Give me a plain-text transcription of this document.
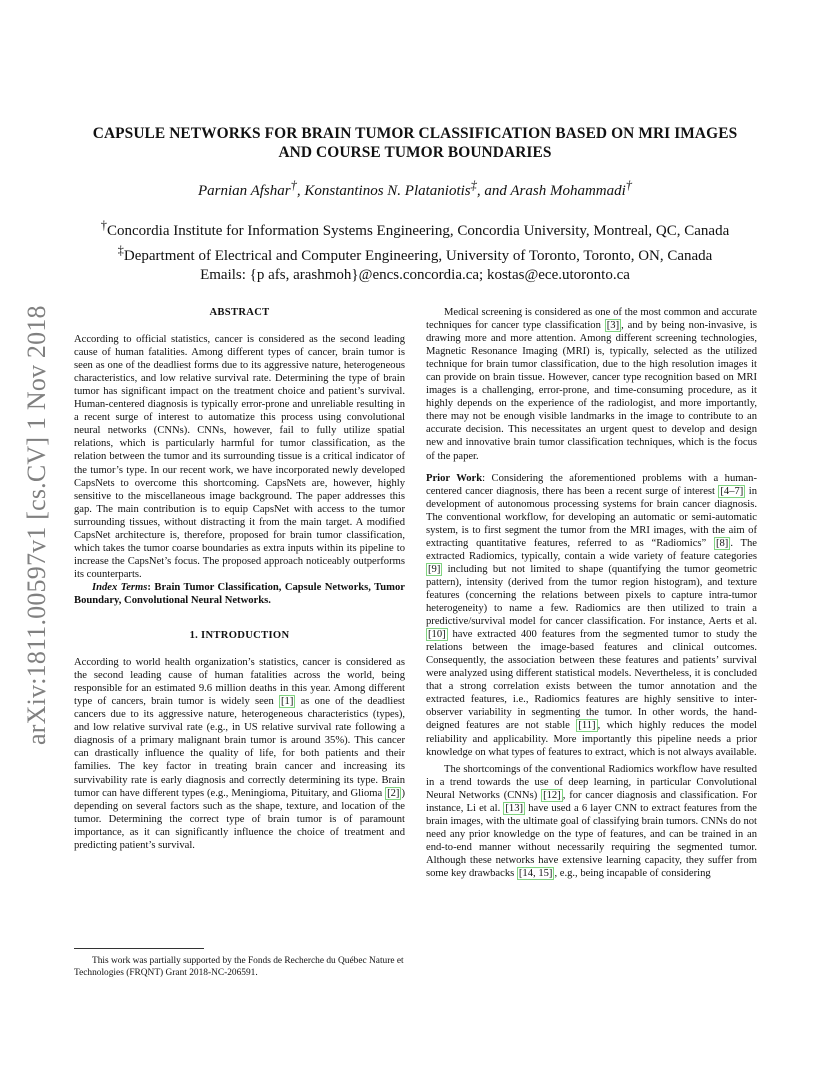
arXiv:1811.00597v1 [cs.CV] 1 Nov 2018
CAPSULE NETWORKS FOR BRAIN TUMOR CLASSIFICATION BASED ON MRI IMAGES
AND COURSE TUMOR BOUNDARIES
Parnian Afshar†, Konstantinos N. Plataniotis‡, and Arash Mohammadi†
†Concordia Institute for Information Systems Engineering, Concordia University, Montreal, QC, Canada
‡Department of Electrical and Computer Engineering, University of Toronto, Toronto, ON, Canada
Emails: {p afs, arashmoh}@encs.concordia.ca; kostas@ece.utoronto.ca
ABSTRACT

According to official statistics, cancer is considered as the second leading cause of human fatalities. Among different types of cancer, brain tumor is seen as one of the deadliest forms due to its aggressive nature, heterogeneous characteristics, and low relative survival rate. Determining the type of brain tumor has significant impact on the treatment choice and patient’s survival. Human-centered diagnosis is typically error-prone and unreliable resulting in a recent surge of interest to automatize this process using convolutional neural networks (CNNs). CNNs, however, fail to fully utilize spatial relations, which is particularly harmful for tumor classification, as the relation between the tumor and its surrounding tissue is a critical indicator of the tumor’s type. In our recent work, we have incorporated newly developed CapsNets to overcome this shortcoming. CapsNets are, however, highly sensitive to the miscellaneous image background. The paper addresses this gap. The main contribution is to equip CapsNet with access to the tumor surrounding tissues, without distracting it from the main target. A modified CapsNet architecture is, therefore, proposed for brain tumor classification, which takes the tumor coarse boundaries as extra inputs within its pipeline to increase the CapsNet’s focus. The proposed approach noticeably outperforms its counterparts.

Index Terms: Brain Tumor Classification, Capsule Networks, Tumor Boundary, Convolutional Neural Networks.

1. INTRODUCTION

According to world health organization’s statistics, cancer is considered as the second leading cause of human fatalities across the world, being responsible for an estimated 9.6 million deaths in this year. Among different type of cancers, brain tumor is widely seen [1] as one of the deadliest cancers due to its aggressive nature, heterogeneous characteristics (types), and low relative survival rate (e.g., in US relative survival rate following a diagnosis of a primary malignant brain tumor is around 35%). This cancer can drastically influence the quality of life, for both patients and their families. The key factor in treating brain cancer and increasing its survivability rate is early diagnosis and correctly determining its type. Brain tumor can have different types (e.g., Meningioma, Pituitary, and Glioma [2] ) depending on several factors such as the shape, texture, and location of the tumor. Determining the correct type of brain tumor is of paramount importance, as it can significantly influence the choice of treatment and predicting patient’s survival.

Medical screening is considered as one of the most common and accurate techniques for cancer type classification [3] , and by being non-invasive, is drawing more and more attention. Among different screening technologies, Magnetic Resonance Imaging (MRI) is, typically, selected as the utilized technique for brain tumor classification, due to the high resolution images it can provide on brain tissue. However, cancer type recognition based on MRI images is a challenging, error-prone, and time-consuming procedure, as it highly depends on the experience of the radiologist, and more importantly, there may not be enough visible landmarks in the image to contribute to an accurate decision. This necessitates an urgent quest to develop and design new and innovative brain tumor classification techniques, which is the focus of the paper.

Prior Work: Considering the aforementioned problems with a human-centered cancer diagnosis, there has been a recent surge of interest [4–7] in development of autonomous processing systems for brain cancer diagnosis. The conventional workflow, for developing an automatic or semi-automatic system, is to first segment the tumor from the MRI images, with the aim of extracting quantitative features, referred to as “Radiomics” [8] . The extracted Radiomics, typically, contain a wide variety of feature categories [9] including but not limited to shape (quantifying the tumor geometric pattern), intensity (derived from the tumor region histogram), and texture features (concerning the relations between pixels to capture intra-tumor heterogeneity) to name a few. Radiomics are then utilized to train a predictive/survival model for cancer classification. For instance, Aerts et al. [10] have extracted 400 features from the segmented tumor to study the relations between the image-based features and clinical outcomes. Consequently, the association between these features and patients’ survival were analyzed using different statistical models. Nevertheless, it is concluded that a strong correlation exists between the tumor annotation and the extracted features, i.e., Radiomics features are highly sensitive to inter-observer variability in segmenting the tumor. In other words, the hand-deigned features are not stable [11] , which highly reduces the model reliability and applicability. More importantly this pipeline needs a prior knowledge on what types of features to extract, which is not always available.

The shortcomings of the conventional Radiomics workflow have resulted in a trend towards the use of deep learning, in particular Convolutional Neural Networks (CNNs) [12] , for cancer diagnosis and classification. For instance, Li et al. [13] have used a 6 layer CNN to extract features from the brain images, with the ultimate goal of classifying brain tumors. CNNs do not need any prior knowledge on the type of features, and can be trained in an end-to-end manner without necessarily requiring the segmented tumor. Although these networks have extensive learning capacity, they suffer from some key drawbacks [14, 15] , e.g., being incapable of considering

This work was partially supported by the Fonds de Recherche du Québec Nature et Technologies (FRQNT) Grant 2018-NC-206591.
